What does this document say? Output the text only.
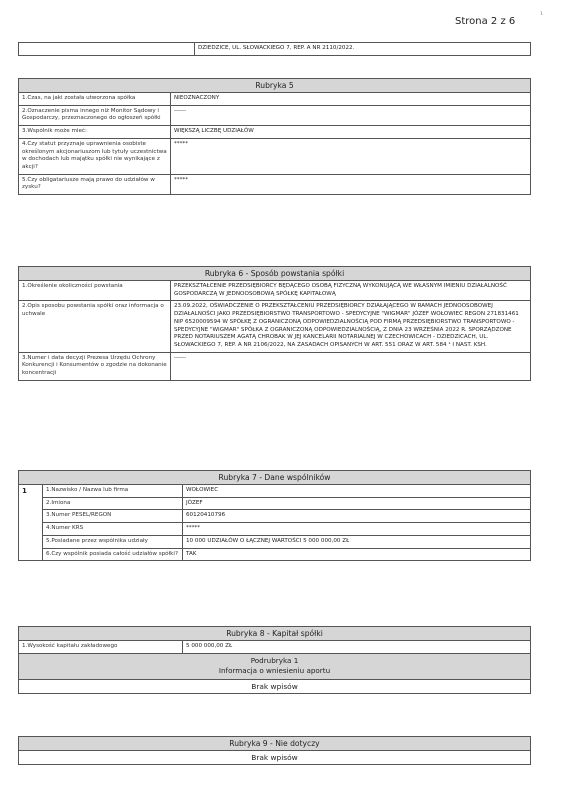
Strona 2 z 6
¹
	DZIEDZICE, UL. SŁOWACKIEGO 7, REP. A NR 2110/2022.
Rubryka 5	
1.Czas, na jaki została utworzona spółka	NIEOZNACZONY
2.Oznaczenie pisma innego niż Monitor Sądowy i Gospodarczy, przeznaczonego do ogłoszeń spółki	------
3.Wspólnik może mieć:	WIĘKSZĄ LICZBĘ UDZIAŁÓW
4.Czy statut przyznaje uprawnienia osobiste określonym akcjonariuszom lub tytuły uczestnictwa w dochodach lub majątku spółki nie wynikające z akcji?	*****
5.Czy obligatariusze mają prawo do udziałów w zysku?	*****
Rubryka 6 - Sposób powstania spółki	
1.Określenie okoliczności powstania	PRZEKSZTAŁCENIE PRZEDSIĘBIORCY BĘDĄCEGO OSOBĄ FIZYCZNĄ WYKONUJĄCĄ WE WŁASNYM IMIENIU DZIAŁALNOŚĆ GOSPODARCZĄ W JEDNOOSOBOWĄ SPÓŁKĘ KAPITAŁOWĄ
2.Opis sposobu powstania spółki oraz informacja o uchwale	23.09.2022, OŚWIADCZENIE O PRZEKSZTAŁCENIU PRZEDSIĘBIORCY DZIAŁAJĄCEGO W RAMACH JEDNOOSOBOWEJ DZIAŁALNOŚCI JAKO PRZEDSIĘBIORSTWO TRANSPORTOWO - SPEDYCYJNE "WIGMAR" JÓZEF WOŁOWIEC REGON 271831461 NIP 6520009594 W SPÓŁKĘ Z OGRANICZONĄ ODPOWIEDZIALNOŚCIĄ POD FIRMĄ PRZEDSIĘBIORSTWO TRANSPORTOWO - SPEDYCYJNE "WIGMAR" SPÓŁKA Z OGRANICZONĄ ODPOWIEDZIALNOŚCIĄ, Z DNIA 23 WRZEŚNIA 2022 R. SPORZĄDZONE PRZED NOTARIUSZEM AGATĄ CHROBAK W JEJ KANCELARII NOTARIALNEJ W CZECHOWICACH - DZIEDZICACH, UL. SŁOWACKIEGO 7, REP. A NR 2106/2022, NA ZASADACH OPISANYCH W ART. 551 ORAZ W ART. 584 ¹ I NAST. KSH.
3.Numer i data decyzji Prezesa Urzędu Ochrony Konkurencji i Konsumentów o zgodzie na dokonanie koncentracji	------
Rubryka 7 - Dane wspólników		
1	1.Nazwisko / Nazwa lub firma	WOŁOWIEC
	2.Imiona	JÓZEF
	3.Numer PESEL/REGON	60120410796
	4.Numer KRS	*****
	5.Posiadane przez wspólnika udziały	10 000 UDZIAŁÓW O ŁĄCZNEJ WARTOŚCI 5 000 000,00 ZŁ
	6.Czy wspólnik posiada całość udziałów spółki?	TAK
Rubryka 8 - Kapitał spółki
1.Wysokość kapitału zakładowego	5 000 000,00 ZŁ

Podrubryka 1
Informacja o wniesieniu aportu

Brak wpisów
Rubryka 9 - Nie dotyczy
Brak wpisów
